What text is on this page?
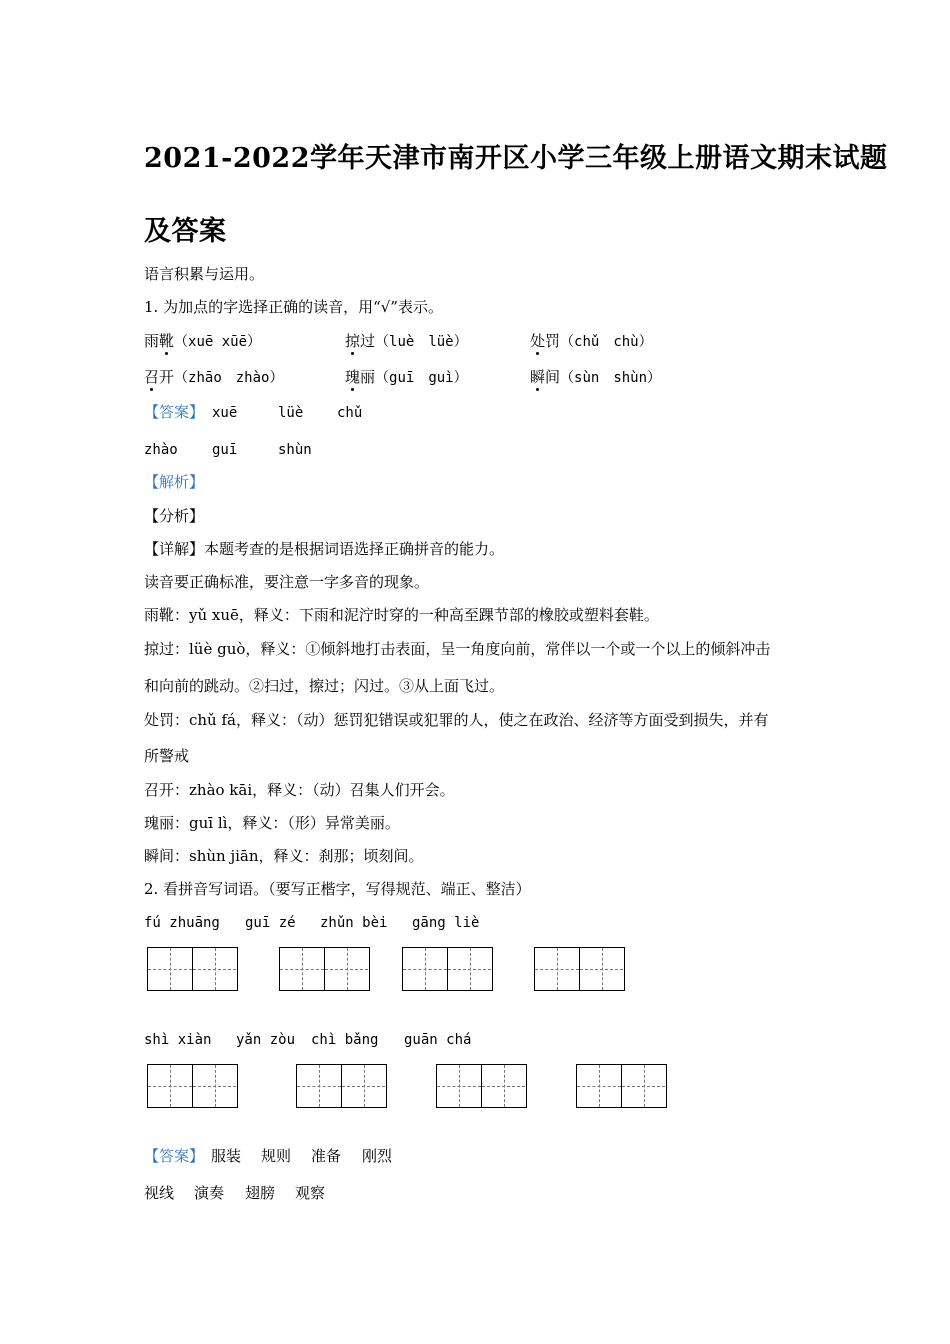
2021-2022学年天津市南开区小学三年级上册语文期末试题
及答案
语言积累与运用。
1. 为加点的字选择正确的读音，用“√”表示。
雨靴（xuē xūē）	掠过（luè　lüè）	处罚（chǔ　chù）
召开（zhāo　zhào）	瑰丽（guī　guì）	瞬间（sùn　shùn）
【答案】 xuē	lüè chǔ
zhào guī	shùn
【解析】
【分析】
【详解】本题考查的是根据词语选择正确拼音的能力。
读音要正确标准，要注意一字多音的现象。
雨靴：yǔ xuē，释义：下雨和泥泞时穿的一种高至踝节部的橡胶或塑料套鞋。
掠过：lüè guò，释义：①倾斜地打击表面，呈一角度向前，常伴以一个或一个以上的倾斜冲击
和向前的跳动。②扫过，擦过；闪过。③从上面飞过。
处罚：chǔ fá，释义：（动）惩罚犯错误或犯罪的人，使之在政治、经济等方面受到损失，并有
所警戒
召开：zhào kāi，释义：（动）召集人们开会。
瑰丽：guī lì，释义：（形）异常美丽。
瞬间：shùn jiān，释义：刹那；顷刻间。
2. 看拼音写词语。（要写正楷字，写得规范、端正、整洁）
fú zhuāng guī zé zhǔn bèi gāng liè
shì xiàn yǎn zòu chì bǎng guān chá
【答案】 服装 规则 准备 刚烈
视线 演奏 翅膀 观察
